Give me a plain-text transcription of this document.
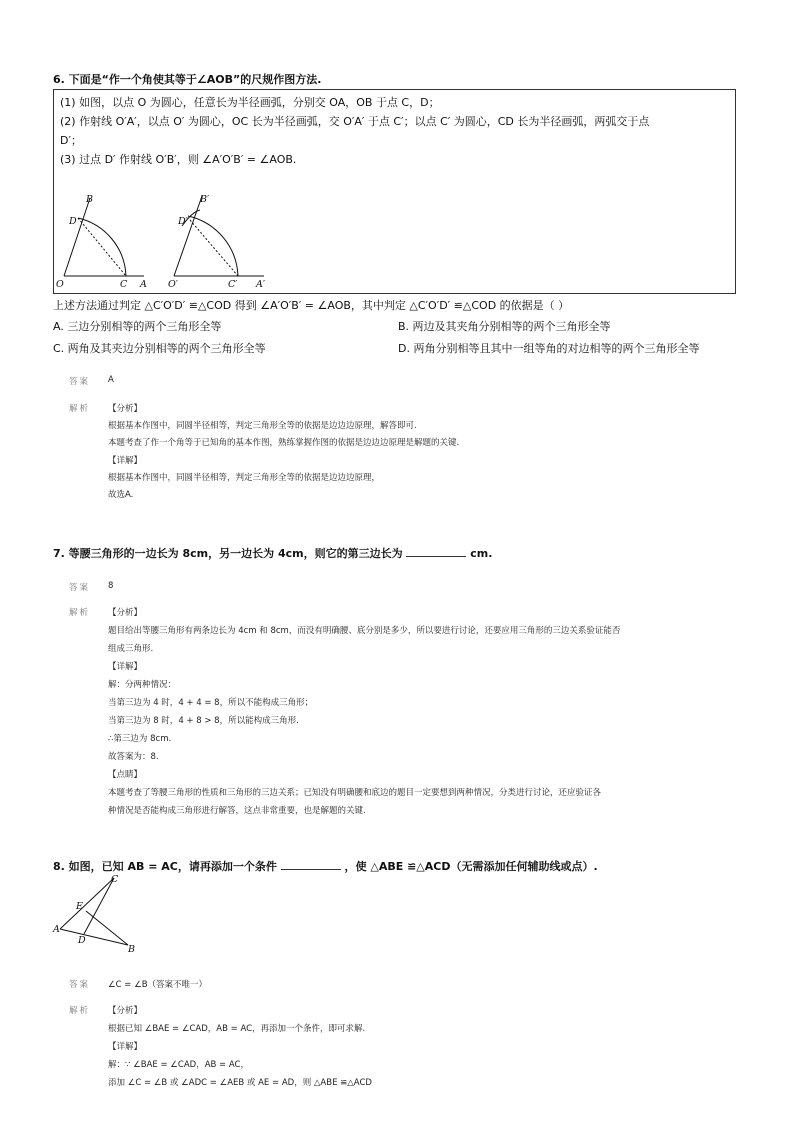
6. 下面是“作一个角使其等于∠AOB”的尺规作图方法.
(1) 如图，以点 O 为圆心，任意长为半径画弧，分别交 OA，OB 于点 C，D；
(2) 作射线 O′A′，以点 O′ 为圆心，OC 长为半径画弧，交 O′A′ 于点 C′；以点 C′ 为圆心，CD 长为半径画弧，两弧交于点
D′；
(3) 过点 D′ 作射线 O′B′，则 ∠A′O′B′ = ∠AOB.
B
D
O	C A
B′
D′
O′	C′ A′
上述方法通过判定 △C′O′D′ ≌△COD 得到 ∠A′O′B′ = ∠AOB，其中判定 △C′O′D′ ≌△COD 的依据是（ ）
A. 三边分别相等的两个三角形全等	B. 两边及其夹角分别相等的两个三角形全等
C. 两角及其夹边分别相等的两个三角形全等	D. 两角分别相等且其中一组等角的对边相等的两个三角形全等
答案 A
解析 【分析】
根据基本作图中，同圆半径相等，判定三角形全等的依据是边边边原理，解答即可.
本题考查了作一个角等于已知角的基本作图，熟练掌握作图的依据是边边边原理是解题的关键.
【详解】
根据基本作图中，同圆半径相等，判定三角形全等的依据是边边边原理，
故选A.
7. 等腰三角形的一边长为 8cm，另一边长为 4cm，则它的第三边长为	cm.
答案 8
解析 【分析】
题目给出等腰三角形有两条边长为 4cm 和 8cm，而没有明确腰、底分别是多少，所以要进行讨论，还要应用三角形的三边关系验证能否
组成三角形.
【详解】
解：分两种情况：
当第三边为 4 时，4 + 4 = 8，所以不能构成三角形；
当第三边为 8 时，4 + 8 > 8，所以能构成三角形.
∴第三边为 8cm.
故答案为：8.
【点睛】
本题考查了等腰三角形的性质和三角形的三边关系；已知没有明确腰和底边的题目一定要想到两种情况，分类进行讨论，还应验证各
种情况是否能构成三角形进行解答，这点非常重要，也是解题的关键.
8. 如图，已知 AB = AC，请再添加一个条件	，使 △ABE ≌△ACD（无需添加任何辅助线或点）.
C
E
A
D
B
答案 ∠C = ∠B（答案不唯一）
解析 【分析】
根据已知 ∠BAE = ∠CAD，AB = AC，再添加一个条件，即可求解.
【详解】
解：∵ ∠BAE = ∠CAD，AB = AC，
添加 ∠C = ∠B 或 ∠ADC = ∠AEB 或 AE = AD，则 △ABE ≌△ACD
